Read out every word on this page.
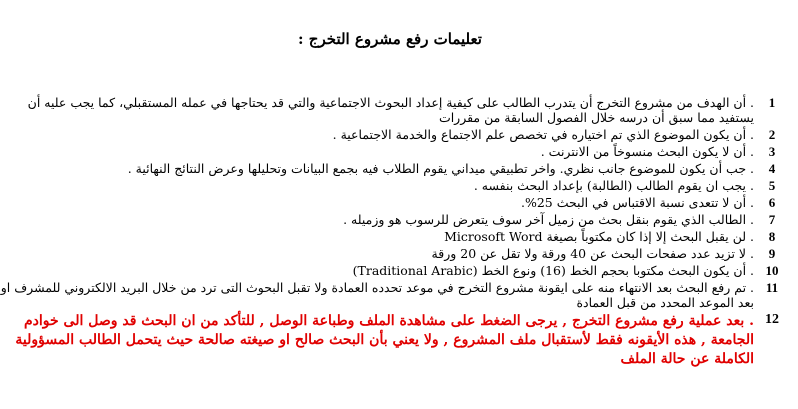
تعليمات رفع مشروع التخرج :
1
. أن الهدف من مشروع التخرج أن يتدرب الطالب على كيفية إعداد البحوث الاجتماعية والتي قد يحتاجها في عمله المستقبلي، كما يجب عليه أن يستفيد مما سبق أن درسه خلال الفصول السابقة من مقررات
2
. أن يكون الموضوع الذي تم اختياره في تخصص علم الاجتماع والخدمة الاجتماعية .
3
. أن لا يكون البحث منسوخاً من الانترنت .
4
. جب أن يكون للموضوع جانب نظري. واخر تطبيقي ميداني يقوم الطلاب فيه بجمع البيانات وتحليلها وعرض النتائج النهائية .
5
. يجب ان يقوم الطالب (الطالبة) بإعداد البحث بنفسه .
6
. أن لا تتعدى نسبة الاقتباس في البحث 25%.
7
. الطالب الذي يقوم بنقل بحث من زميل آخر سوف يتعرض للرسوب هو وزميله .
8
. لن يقبل البحث إلا إذا كان مكتوباً بصيغة Microsoft Word
9
. لا تزيد عدد صفحات البحث عن 40 ورقة ولا تقل عن 20 ورقة
10
. أن يكون البحث مكتوبا بحجم الخط (16) ونوع الخط (Traditional Arabic)
11
. تم رفع البحث بعد الانتهاء منه على ايقونة مشروع التخرج في موعد تحدده العمادة ولا تقبل البحوث التى ترد من خلال البريد الالكتروني للمشرف او بعد الموعد المحدد من قبل العمادة
12
. بعد عملية رفع مشروع التخرج , يرجى الضغط على مشاهدة الملف وطباعة الوصل , للتأكد من ان البحث قد وصل الى خوادم الجامعة , هذه الأيقونه فقط لأستقبال ملف المشروع , ولا يعني بأن البحث صالح او صيغته صالحة حيث يتحمل الطالب المسؤولية الكاملة عن حالة الملف
